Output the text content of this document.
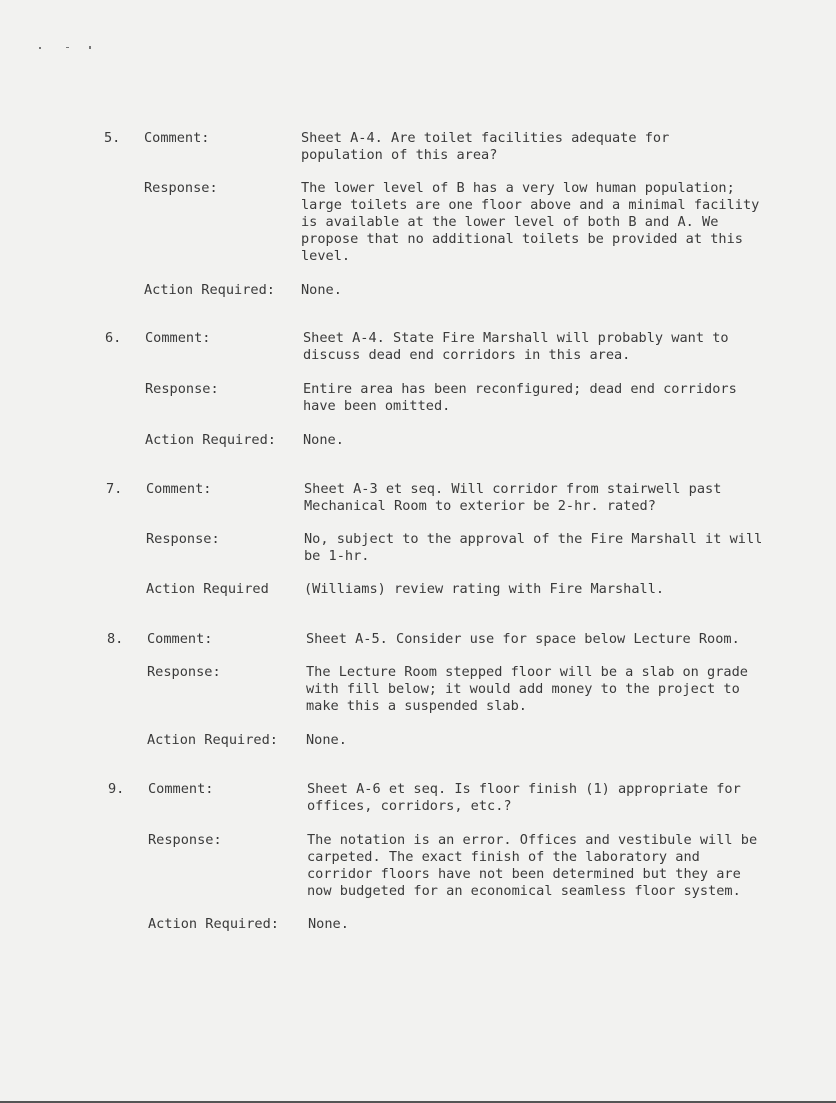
5.	Comment:	Sheet A-4. Are toilet facilities adequate for population of this area?
Response:	The lower level of B has a very low human population; large toilets are one floor above and a minimal facility is available at the lower level of both B and A. We propose that no additional toilets be provided at this level.
Action Required: None.
6.	Comment:	Sheet A-4. State Fire Marshall will probably want to discuss dead end corridors in this area.
Response:	Entire area has been reconfigured; dead end corridors have been omitted.
Action Required: None.
7.	Comment:	Sheet A-3 et seq. Will corridor from stairwell past Mechanical Room to exterior be 2-hr. rated?
Response:	No, subject to the approval of the Fire Marshall it will be 1-hr.
Action Required	(Williams) review rating with Fire Marshall.
8.	Comment:	Sheet A-5. Consider use for space below Lecture Room.
Response:	The Lecture Room stepped floor will be a slab on grade with fill below; it would add money to the project to make this a suspended slab.
Action Required: None.
9.	Comment:	Sheet A-6 et seq. Is floor finish (1) appropriate for offices, corridors, etc.?
Response:	The notation is an error. Offices and vestibule will be carpeted. The exact finish of the laboratory and corridor floors have not been determined but they are now budgeted for an economical seamless floor system.
Action Required: None.
